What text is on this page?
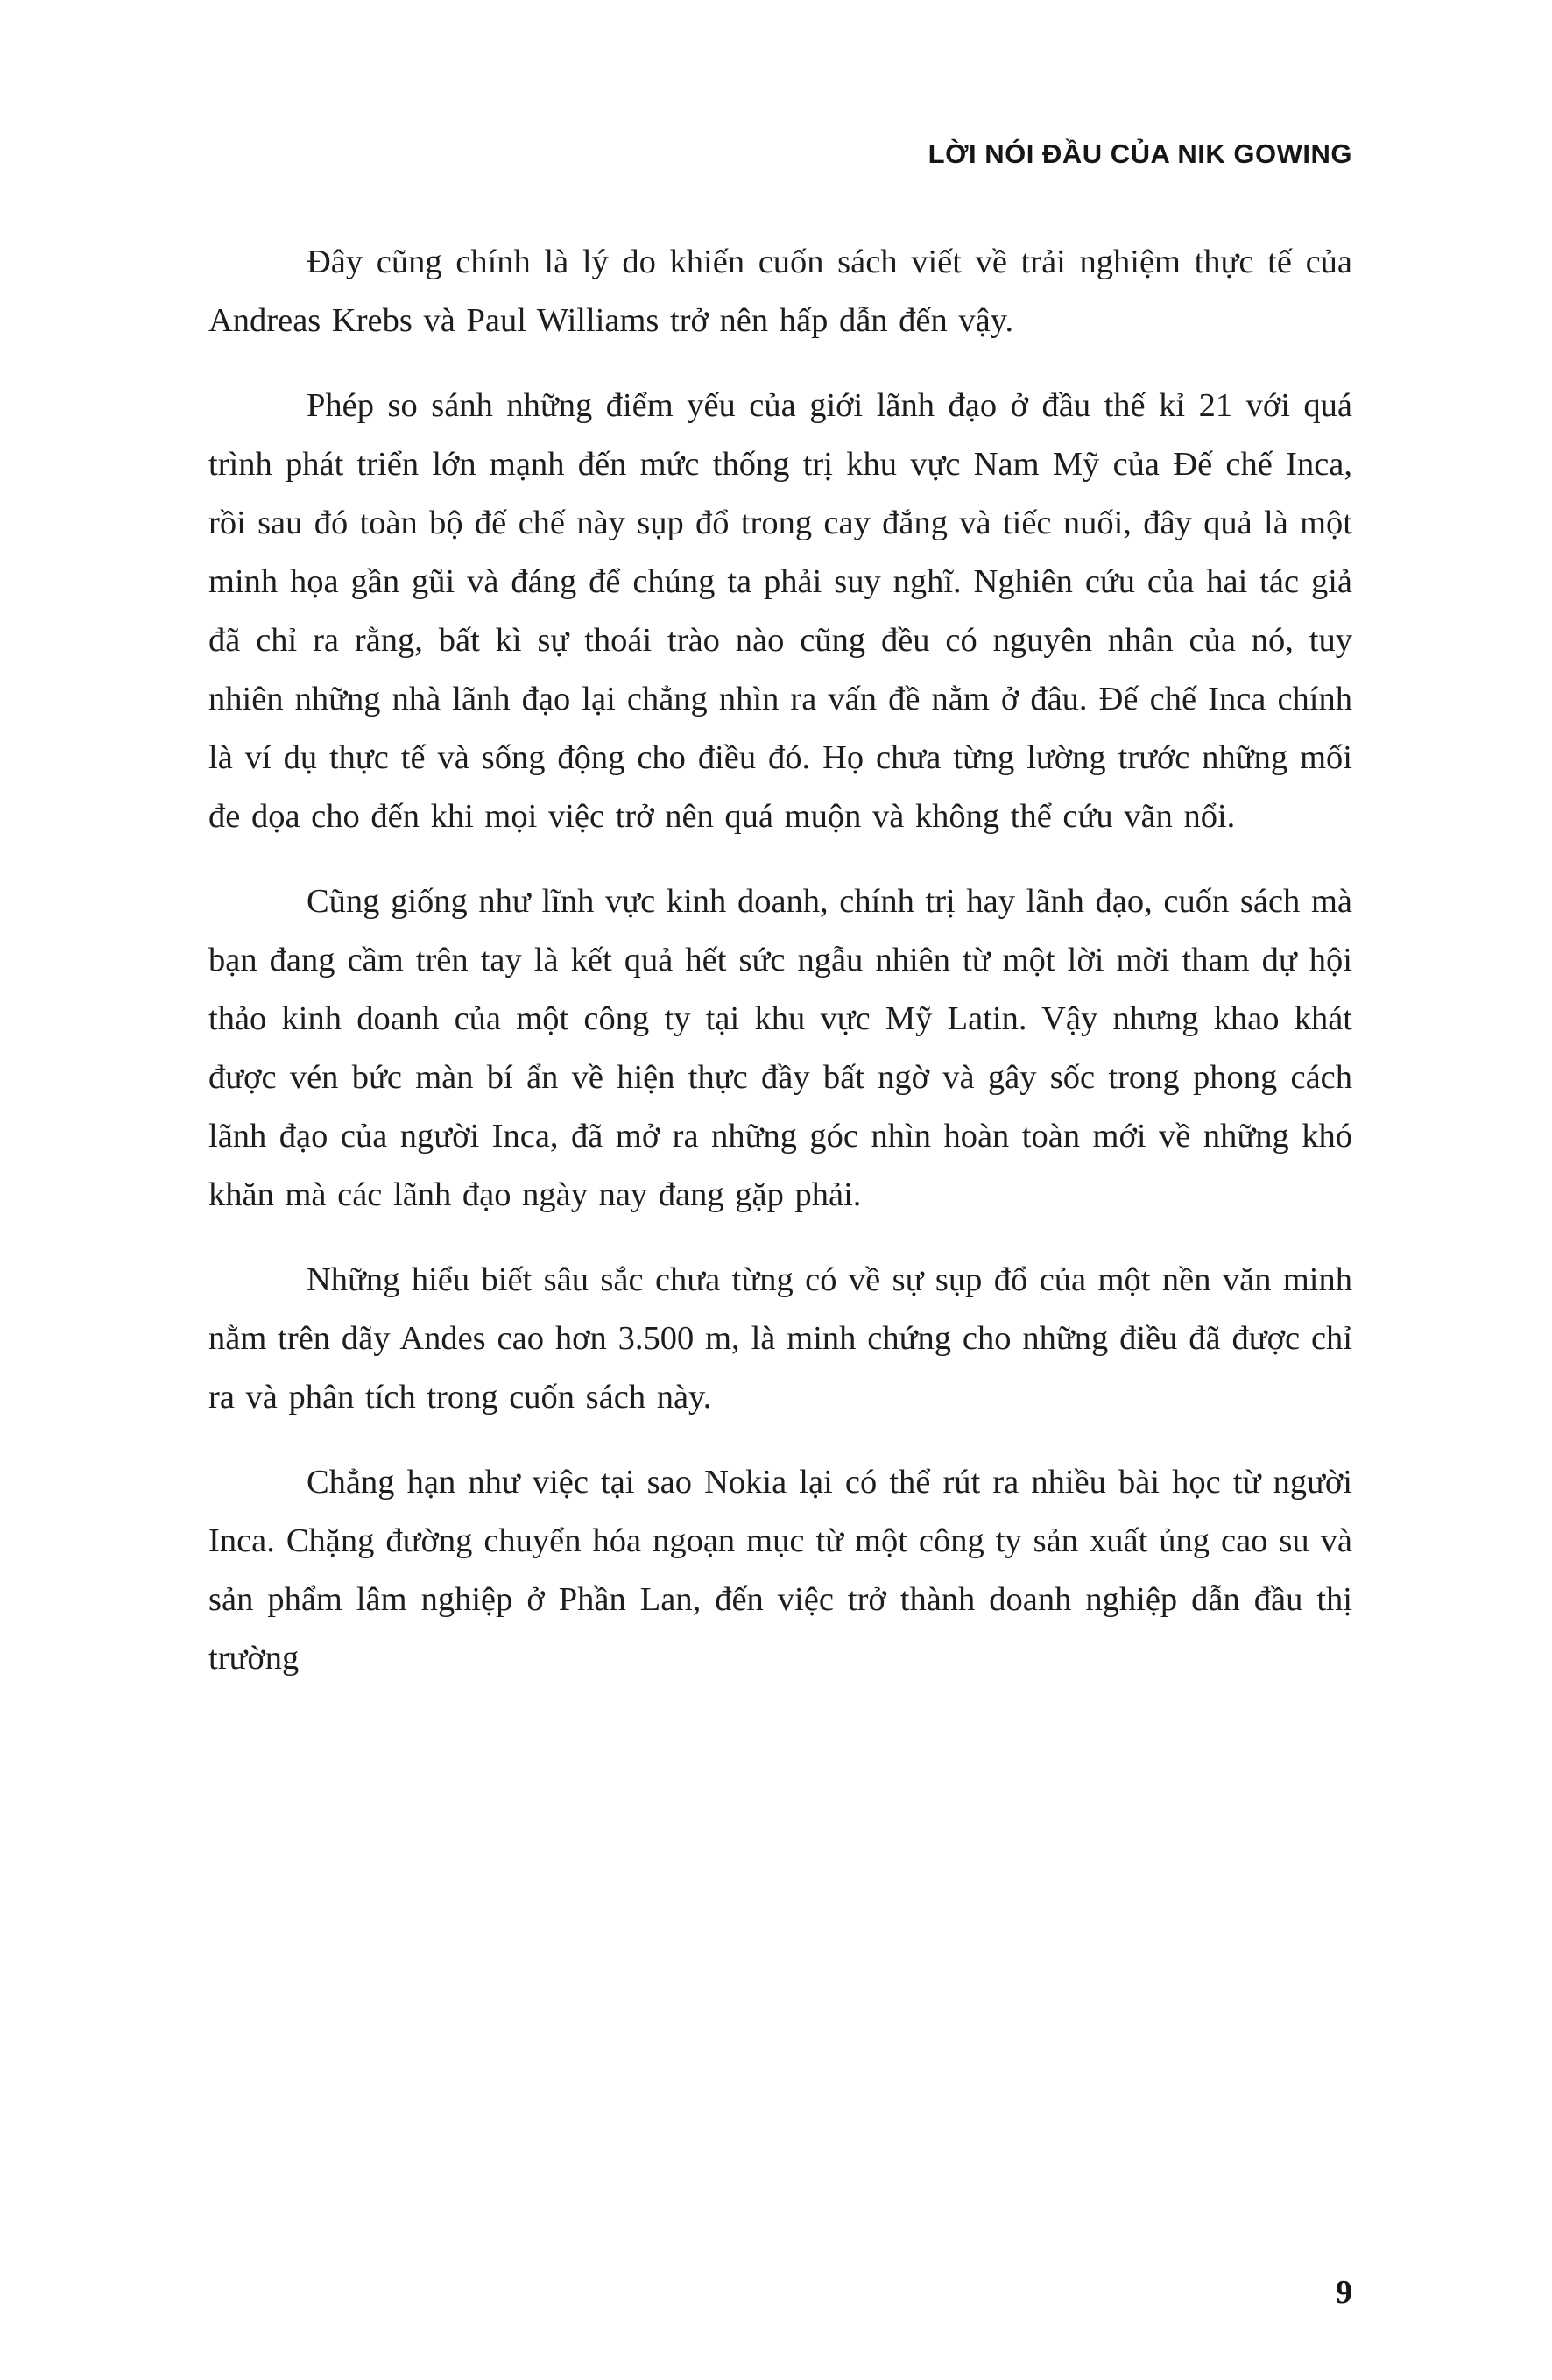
LỜI NÓI ĐẦU CỦA NIK GOWING

Đây cũng chính là lý do khiến cuốn sách viết về trải nghiệm thực tế của Andreas Krebs và Paul Williams trở nên hấp dẫn đến vậy.

Phép so sánh những điểm yếu của giới lãnh đạo ở đầu thế kỉ 21 với quá trình phát triển lớn mạnh đến mức thống trị khu vực Nam Mỹ của Đế chế Inca, rồi sau đó toàn bộ đế chế này sụp đổ trong cay đắng và tiếc nuối, đây quả là một minh họa gần gũi và đáng để chúng ta phải suy nghĩ. Nghiên cứu của hai tác giả đã chỉ ra rằng, bất kì sự thoái trào nào cũng đều có nguyên nhân của nó, tuy nhiên những nhà lãnh đạo lại chẳng nhìn ra vấn đề nằm ở đâu. Đế chế Inca chính là ví dụ thực tế và sống động cho điều đó. Họ chưa từng lường trước những mối đe dọa cho đến khi mọi việc trở nên quá muộn và không thể cứu vãn nổi.

Cũng giống như lĩnh vực kinh doanh, chính trị hay lãnh đạo, cuốn sách mà bạn đang cầm trên tay là kết quả hết sức ngẫu nhiên từ một lời mời tham dự hội thảo kinh doanh của một công ty tại khu vực Mỹ Latin. Vậy nhưng khao khát được vén bức màn bí ẩn về hiện thực đầy bất ngờ và gây sốc trong phong cách lãnh đạo của người Inca, đã mở ra những góc nhìn hoàn toàn mới về những khó khăn mà các lãnh đạo ngày nay đang gặp phải.

Những hiểu biết sâu sắc chưa từng có về sự sụp đổ của một nền văn minh nằm trên dãy Andes cao hơn 3.500 m, là minh chứng cho những điều đã được chỉ ra và phân tích trong cuốn sách này.

Chẳng hạn như việc tại sao Nokia lại có thể rút ra nhiều bài học từ người Inca. Chặng đường chuyển hóa ngoạn mục từ một công ty sản xuất ủng cao su và sản phẩm lâm nghiệp ở Phần Lan, đến việc trở thành doanh nghiệp dẫn đầu thị trường

9
